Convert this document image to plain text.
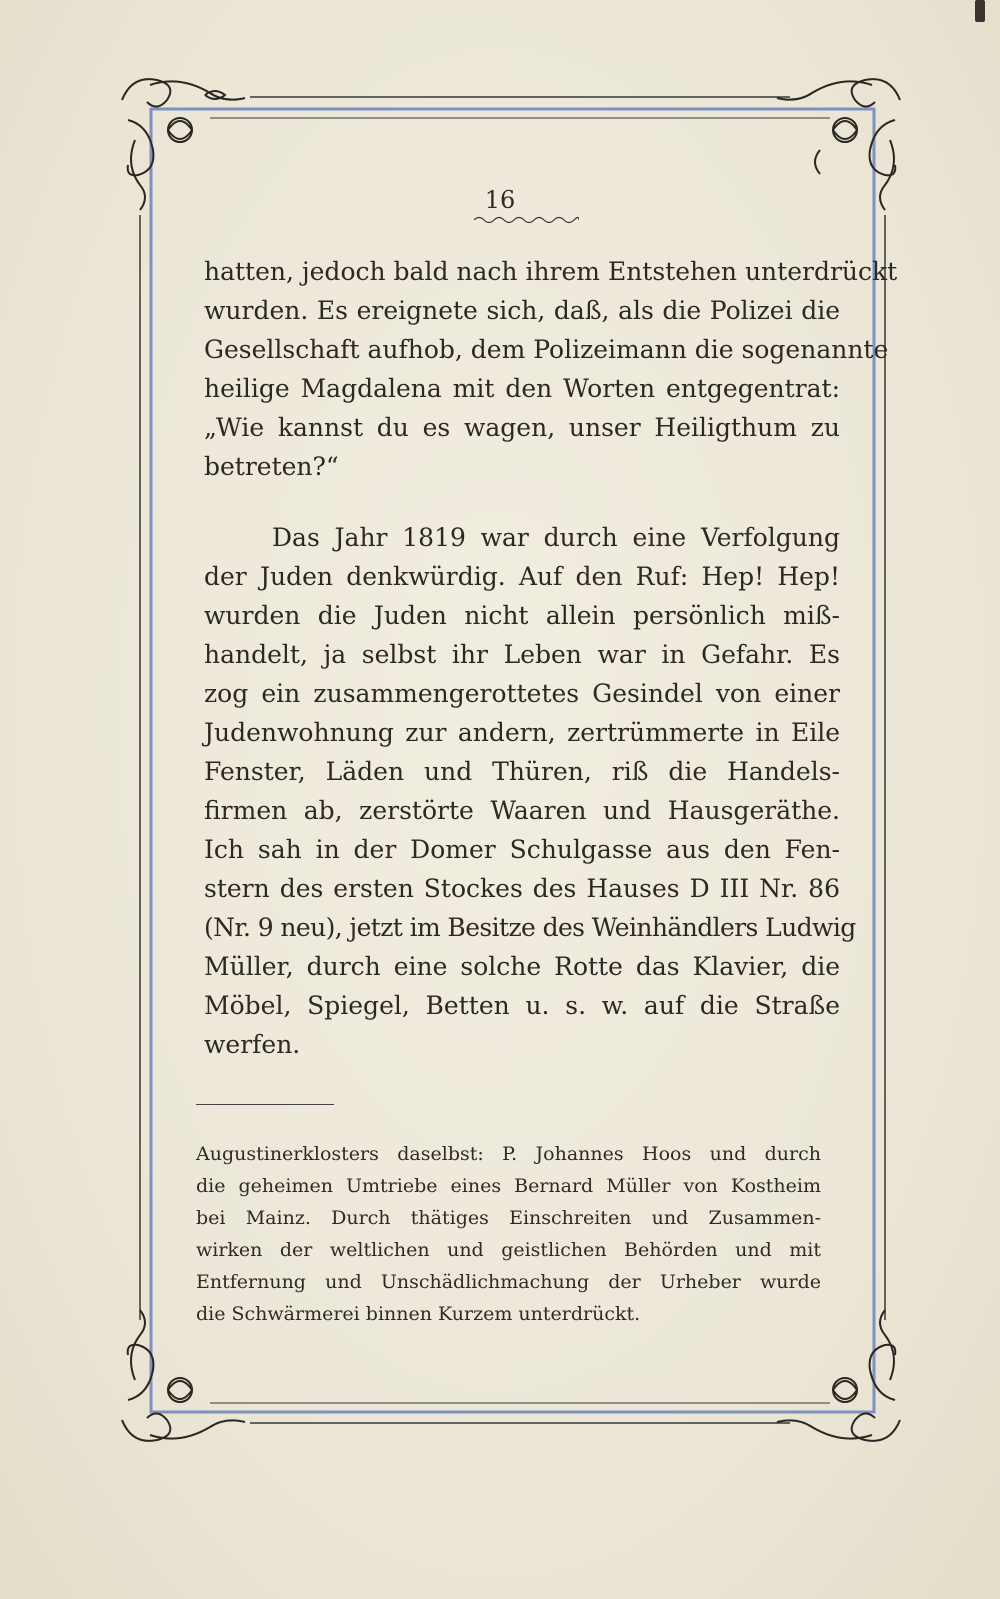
16
hatten, jedoch bald nach ihrem Entstehen unterdrückt
wurden. Es ereignete sich, daß, als die Polizei die
Gesellschaft aufhob, dem Polizeimann die sogenannte
heilige Magdalena mit den Worten entgegentrat:
„Wie kannst du es wagen, unser Heiligthum zu
betreten?“
Das Jahr 1819 war durch eine Verfolgung
der Juden denkwürdig. Auf den Ruf: Hep! Hep!
wurden die Juden nicht allein persönlich miß-
handelt, ja selbst ihr Leben war in Gefahr. Es
zog ein zusammengerottetes Gesindel von einer
Judenwohnung zur andern, zertrümmerte in Eile
Fenster, Läden und Thüren, riß die Handels-
firmen ab, zerstörte Waaren und Hausgeräthe.
Ich sah in der Domer Schulgasse aus den Fen-
stern des ersten Stockes des Hauses D III Nr. 86
(Nr. 9 neu), jetzt im Besitze des Weinhändlers Ludwig
Müller, durch eine solche Rotte das Klavier, die
Möbel, Spiegel, Betten u. s. w. auf die Straße
werfen.
Augustinerklosters daselbst: P. Johannes Hoos und durch
die geheimen Umtriebe eines Bernard Müller von Kostheim
bei Mainz. Durch thätiges Einschreiten und Zusammen-
wirken der weltlichen und geistlichen Behörden und mit
Entfernung und Unschädlichmachung der Urheber wurde
die Schwärmerei binnen Kurzem unterdrückt.
